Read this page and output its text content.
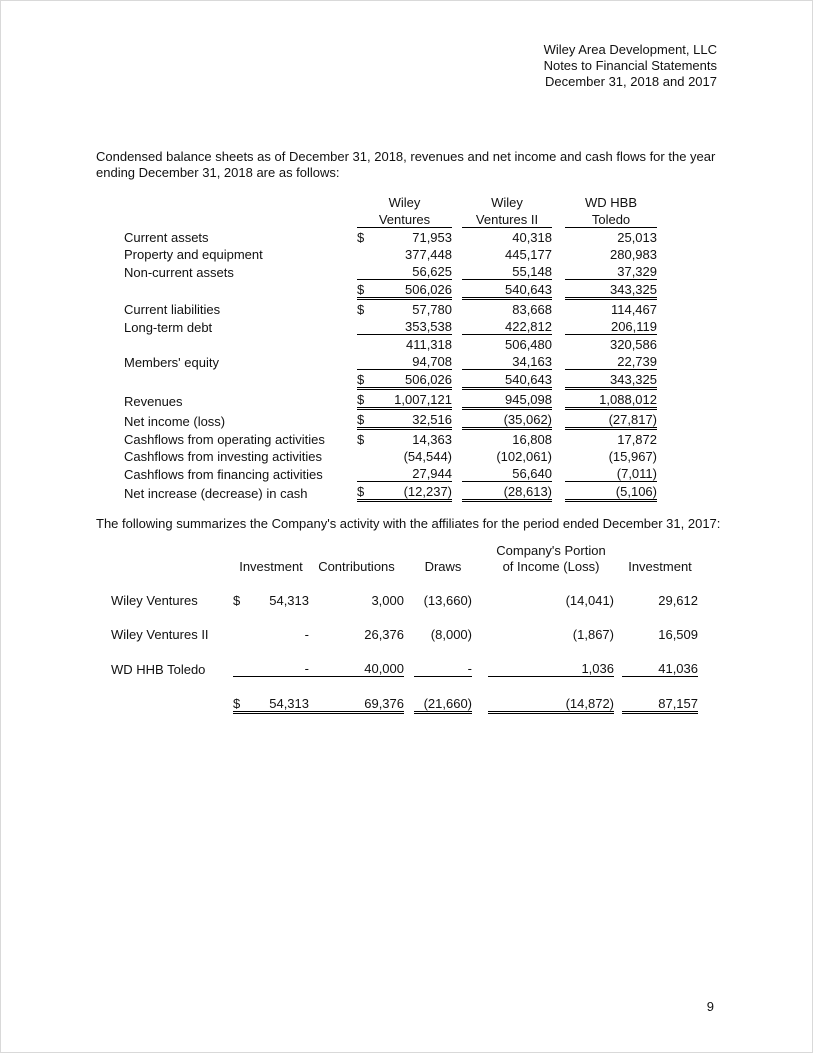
Wiley Area Development, LLC
Notes to Financial Statements
December 31, 2018 and 2017

Condensed balance sheets as of December 31, 2018, revenues and net income and cash flows for the year ending December 31, 2018 are as follows:

	Wiley			Wiley		WD HBB
	Ventures			Ventures II		Toledo

Current assets	$	71,953		40,318		25,013
Property and equipment		377,448		445,177		280,983
Non-current assets		56,625		55,148		37,329

	$	506,026		540,643		343,325

Current liabilities	$	57,780		83,668		114,467
Long-term debt		353,538		422,812		206,119
		411,318		506,480		320,586

Members' equity		94,708		34,163		22,739

	$	506,026		540,643		343,325

Revenues	$	1,007,121		945,098		1,088,012

Net income (loss)	$	32,516		(35,062)		(27,817)

Cashflows from operating activities	$	14,363		16,808		17,872
Cashflows from investing activities		(54,544)		(102,061)		(15,967)
Cashflows from financing activities		27,944		56,640		(7,011)

Net increase (decrease) in cash	$	(12,237)		(28,613)		(5,106)

The following summarizes the Company's activity with the affiliates for the period ended December 31, 2017:

							Company's Portion		
	Investment		Contributions		Draws		of Income (Loss)		Investment

Wiley Ventures	$	54,313	3,000		(13,660)		(14,041)		29,612
Wiley Ventures II		-	26,376		(8,000)		(1,867)		16,509
WD HHB Toledo		-	40,000		-		1,036		41,036
	$	54,313	69,376		(21,660)		(14,872)		87,157
9
